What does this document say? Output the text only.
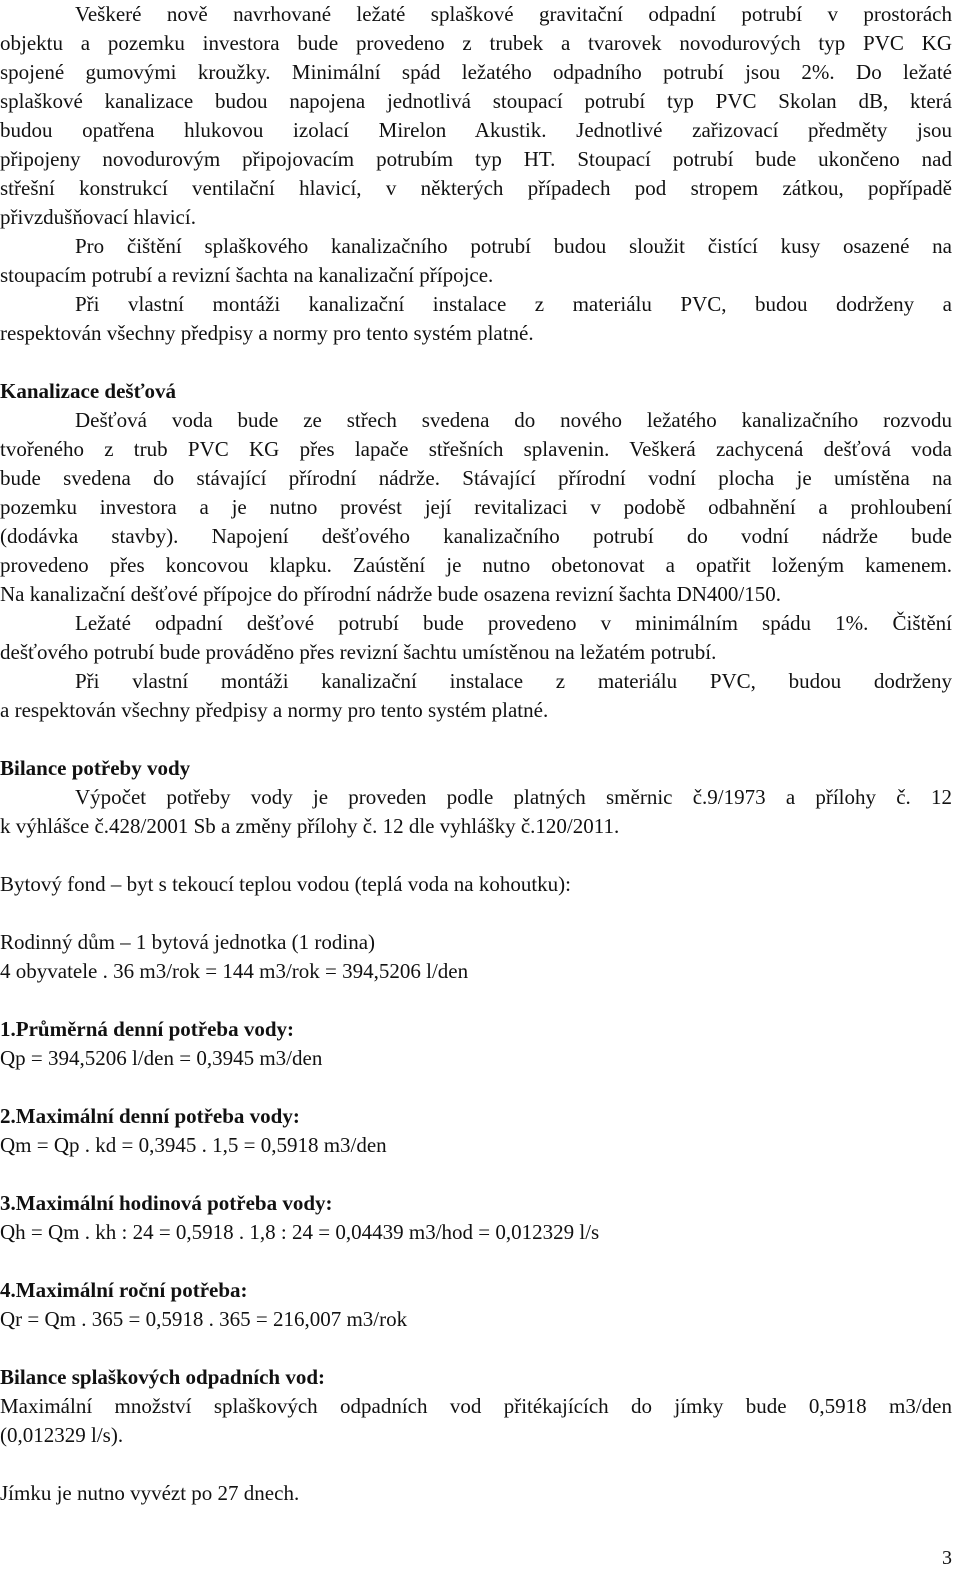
Veškeré nově navrhované ležaté splaškové gravitační odpadní potrubí v prostorách
objektu a pozemku investora bude provedeno z trubek a tvarovek novodurových typ PVC KG
spojené gumovými kroužky. Minimální spád ležatého odpadního potrubí jsou 2%. Do ležaté
splaškové kanalizace budou napojena jednotlivá stoupací potrubí typ PVC Skolan dB, která
budou opatřena hlukovou izolací Mirelon Akustik. Jednotlivé zařizovací předměty jsou
připojeny novodurovým připojovacím potrubím typ HT. Stoupací potrubí bude ukončeno nad
střešní konstrukcí ventilační hlavicí, v některých případech pod stropem zátkou, popřípadě
přivzdušňovací hlavicí.
Pro čištění splaškového kanalizačního potrubí budou sloužit čistící kusy osazené na
stoupacím potrubí a revizní šachta na kanalizační přípojce.
Při vlastní montáži kanalizační instalace z materiálu PVC, budou dodrženy a
respektován všechny předpisy a normy pro tento systém platné.
Kanalizace dešťová
Dešťová voda bude ze střech svedena do nového ležatého kanalizačního rozvodu
tvořeného z trub PVC KG přes lapače střešních splavenin. Veškerá zachycená dešťová voda
bude svedena do stávající přírodní nádrže. Stávající přírodní vodní plocha je umístěna na
pozemku investora a je nutno provést její revitalizaci v podobě odbahnění a prohloubení
(dodávka stavby). Napojení dešťového kanalizačního potrubí do vodní nádrže bude
provedeno přes koncovou klapku. Zaústění je nutno obetonovat a opatřit loženým kamenem.
Na kanalizační dešťové přípojce do přírodní nádrže bude osazena revizní šachta DN400/150.
Ležaté odpadní dešťové potrubí bude provedeno v minimálním spádu 1%. Čištění
dešťového potrubí bude prováděno přes revizní šachtu umístěnou na ležatém potrubí.
Při vlastní montáži kanalizační instalace z materiálu PVC, budou dodrženy
a respektován všechny předpisy a normy pro tento systém platné.
Bilance potřeby vody
Výpočet potřeby vody je proveden podle platných směrnic č.9/1973 a přílohy č. 12
k výhlášce č.428/2001 Sb a změny přílohy č. 12 dle vyhlášky č.120/2011.
Bytový fond – byt s tekoucí teplou vodou (teplá voda na kohoutku):
Rodinný dům – 1 bytová jednotka (1 rodina)
4 obyvatele . 36 m3/rok = 144 m3/rok = 394,5206 l/den
1.Průměrná denní potřeba vody:
Qp = 394,5206 l/den = 0,3945 m3/den
2.Maximální denní potřeba vody:
Qm = Qp . kd = 0,3945 . 1,5 = 0,5918 m3/den
3.Maximální hodinová potřeba vody:
Qh = Qm . kh : 24 = 0,5918 . 1,8 : 24 = 0,04439 m3/hod = 0,012329 l/s
4.Maximální roční potřeba:
Qr = Qm . 365 = 0,5918 . 365 = 216,007 m3/rok
Bilance splaškových odpadních vod:
Maximální množství splaškových odpadních vod přitékajících do jímky bude 0,5918 m3/den
(0,012329 l/s).
Jímku je nutno vyvézt po 27 dnech.
3
